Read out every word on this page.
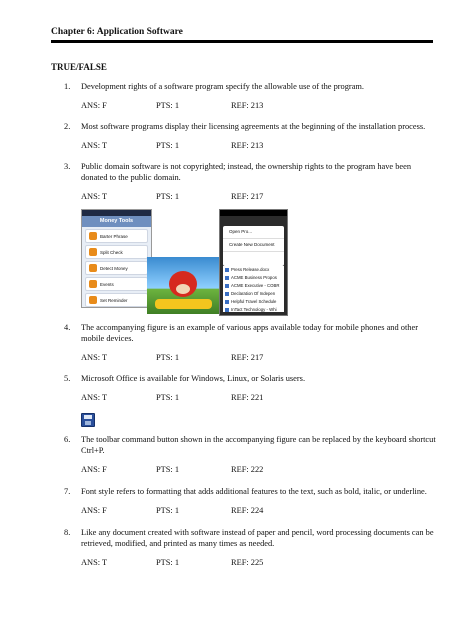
Chapter 6: Application Software
TRUE/FALSE
1. Development rights of a software program specify the allowable use of the program.
ANS: F	PTS: 1	REF: 213
2. Most software programs display their licensing agreements at the beginning of the installation process.
ANS: T	PTS: 1	REF: 213
3. Public domain software is not copyrighted; instead, the ownership rights to the program have been donated to the public domain.
ANS: T	PTS: 1	REF: 217
Money Tools
Barter Phrase
Split Check
Detect Money
Events
Set Reminder
Open Pro...
Create New Document
Press Release.docx
ACME Business Propos
ACME Executive - COBR
Declaration Of Indepen
Helpful Travel Schedule
InTact Technology - Whi
4. The accompanying figure is an example of various apps available today for mobile phones and other mobile devices.
ANS: T	PTS: 1	REF: 217
5. Microsoft Office is available for Windows, Linux, or Solaris users.
ANS: T	PTS: 1	REF: 221
6. The toolbar command button shown in the accompanying figure can be replaced by the keyboard shortcut Ctrl+P.
ANS: F	PTS: 1	REF: 222
7. Font style refers to formatting that adds additional features to the text, such as bold, italic, or underline.
ANS: F	PTS: 1	REF: 224
8. Like any document created with software instead of paper and pencil, word processing documents can be retrieved, modified, and printed as many times as needed.
ANS: T	PTS: 1	REF: 225
